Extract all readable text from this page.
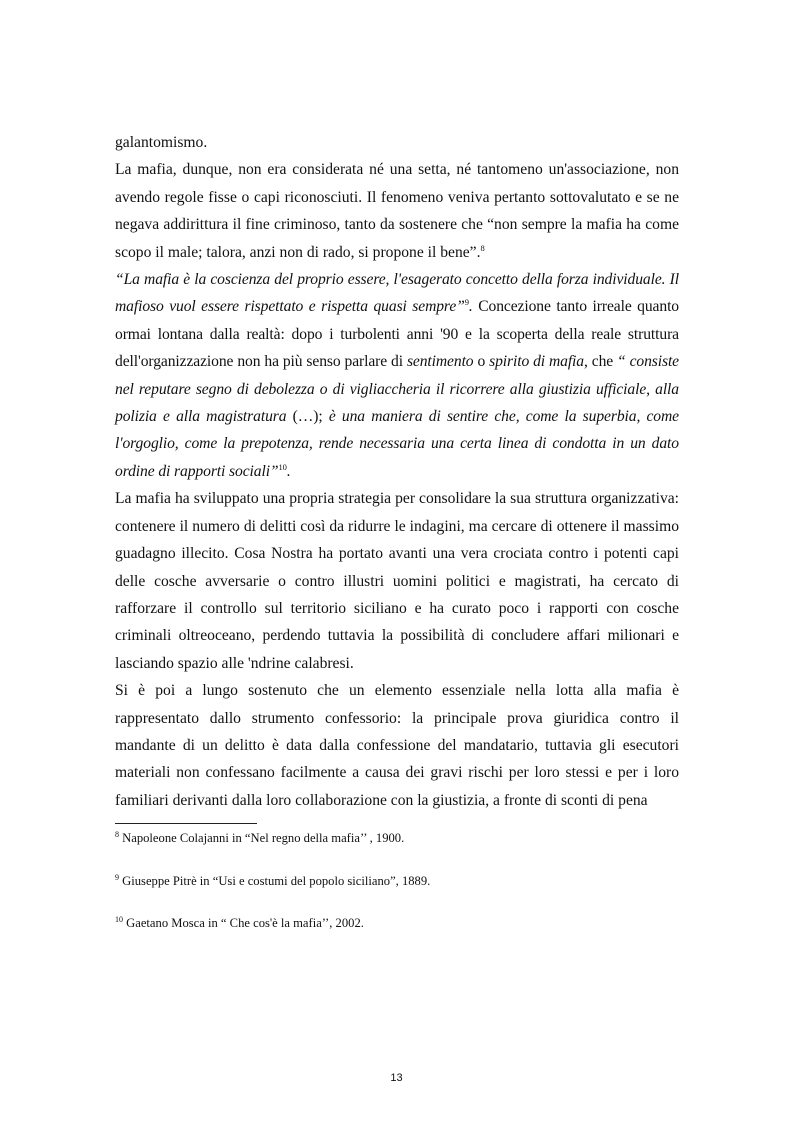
galantomismo.

La mafia, dunque, non era considerata né una setta, né tantomeno un'associazione, non avendo regole fisse o capi riconosciuti. Il fenomeno veniva pertanto sottovalutato e se ne negava addirittura il fine criminoso, tanto da sostenere che “non sempre la mafia ha come scopo il male; talora, anzi non di rado, si propone il bene”.$^8$

“La mafia è la coscienza del proprio essere, l'esagerato concetto della forza individuale. Il mafioso vuol essere rispettato e rispetta quasi sempre”$^9$. Concezione tanto irreale quanto ormai lontana dalla realtà: dopo i turbolenti anni '90 e la scoperta della reale struttura dell'organizzazione non ha più senso parlare di sentimento o spirito di mafia, che “ consiste nel reputare segno di debolezza o di vigliaccheria il ricorrere alla giustizia ufficiale, alla polizia e alla magistratura (…); è una maniera di sentire che, come la superbia, come l'orgoglio, come la prepotenza, rende necessaria una certa linea di condotta in un dato ordine di rapporti sociali”$^{10}$.

La mafia ha sviluppato una propria strategia per consolidare la sua struttura organizzativa: contenere il numero di delitti così da ridurre le indagini, ma cercare di ottenere il massimo guadagno illecito. Cosa Nostra ha portato avanti una vera crociata contro i potenti capi delle cosche avversarie o contro illustri uomini politici e magistrati, ha cercato di rafforzare il controllo sul territorio siciliano e ha curato poco i rapporti con cosche criminali oltreoceano, perdendo tuttavia la possibilità di concludere affari milionari e lasciando spazio alle 'ndrine calabresi.

Si è poi a lungo sostenuto che un elemento essenziale nella lotta alla mafia è rappresentato dallo strumento confessorio: la principale prova giuridica contro il mandante di un delitto è data dalla confessione del mandatario, tuttavia gli esecutori materiali non confessano facilmente a causa dei gravi rischi per loro stessi e per i loro familiari derivanti dalla loro collaborazione con la giustizia, a fronte di sconti di pena

$^8$ Napoleone Colajanni in “Nel regno della mafia’’ , 1900.

$^9$ Giuseppe Pitrè in “Usi e costumi del popolo siciliano”, 1889.

$^{10}$ Gaetano Mosca in “ Che cos'è la mafia’’, 2002.

13
